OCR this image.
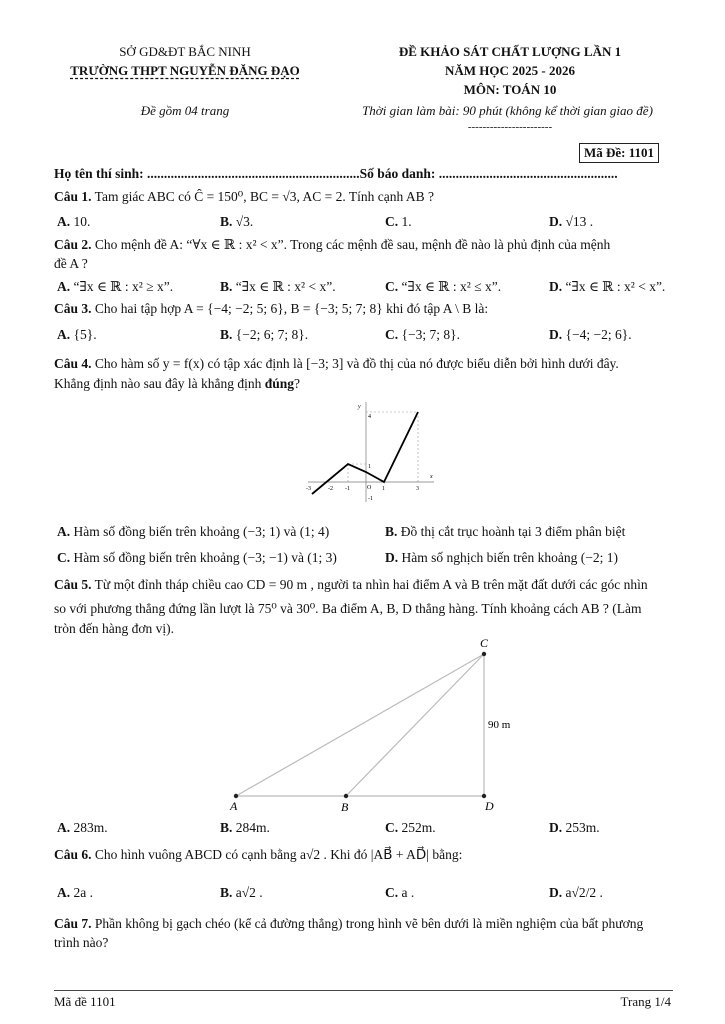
SỞ GD&ĐT BẮC NINH
TRƯỜNG THPT NGUYỄN ĐĂNG ĐẠO
Đề gồm 04 trang
ĐỀ KHẢO SÁT CHẤT LƯỢNG LẦN 1
NĂM HỌC 2025 - 2026
MÔN: TOÁN 10
Thời gian làm bài: 90 phút (không kể thời gian giao đề)
-----------------------
Mã Đề: 1101
Họ tên thí sinh: ...............................................................Số báo danh: .....................................................
Câu 1. Tam giác ABC có Ĉ = 150⁰, BC = √3, AC = 2. Tính cạnh AB ?
A. 10.	B. √3.	C. 1.	D. √13 .
Câu 2. Cho mệnh đề A: “∀x ∈ ℝ : x² < x”. Trong các mệnh đề sau, mệnh đề nào là phủ định của mệnh
đề A ?
A. “∃x ∈ ℝ : x² ≥ x”.	B. “∃x ∈ ℝ : x² < x”.	C. “∃x ∈ ℝ : x² ≤ x”.	D. “∃x ∈ ℝ : x² < x”.
Câu 3. Cho hai tập hợp A = {−4; −2; 5; 6}, B = {−3; 5; 7; 8} khi đó tập A \ B là:
A. {5}.	B. {−2; 6; 7; 8}.	C. {−3; 7; 8}.	D. {−4; −2; 6}.
Câu 4. Cho hàm số y = f(x) có tập xác định là [−3; 3] và đồ thị của nó được biểu diễn bởi hình dưới đây.
Khẳng định nào sau đây là khẳng định đúng?
y
x
4
1
-1
-3	-2 -1	O 1	3
A. Hàm số đồng biến trên khoảng (−3; 1) và (1; 4)	B. Đồ thị cắt trục hoành tại 3 điểm phân biệt
C. Hàm số đồng biến trên khoảng (−3; −1) và (1; 3)	D. Hàm số nghịch biến trên khoảng (−2; 1)
Câu 5. Từ một đỉnh tháp chiều cao CD = 90 m , người ta nhìn hai điểm A và B trên mặt đất dưới các góc nhìn
so với phương thẳng đứng lần lượt là 75⁰ và 30⁰. Ba điểm A, B, D thẳng hàng. Tính khoảng cách AB ? (Làm
tròn đến hàng đơn vị).
A	B
C
D
90 m
A. 283m.	B. 284m.	C. 252m.	D. 253m.
Câu 6. Cho hình vuông ABCD có cạnh bằng a√2 . Khi đó |AB⃗ + AD⃗| bằng:
A. 2a .	B. a√2 .	C. a .	D. a√2/2 .
Câu 7. Phần không bị gạch chéo (kể cả đường thẳng) trong hình vẽ bên dưới là miền nghiệm của bất phương
trình nào?
Mã đề 1101	Trang 1/4
